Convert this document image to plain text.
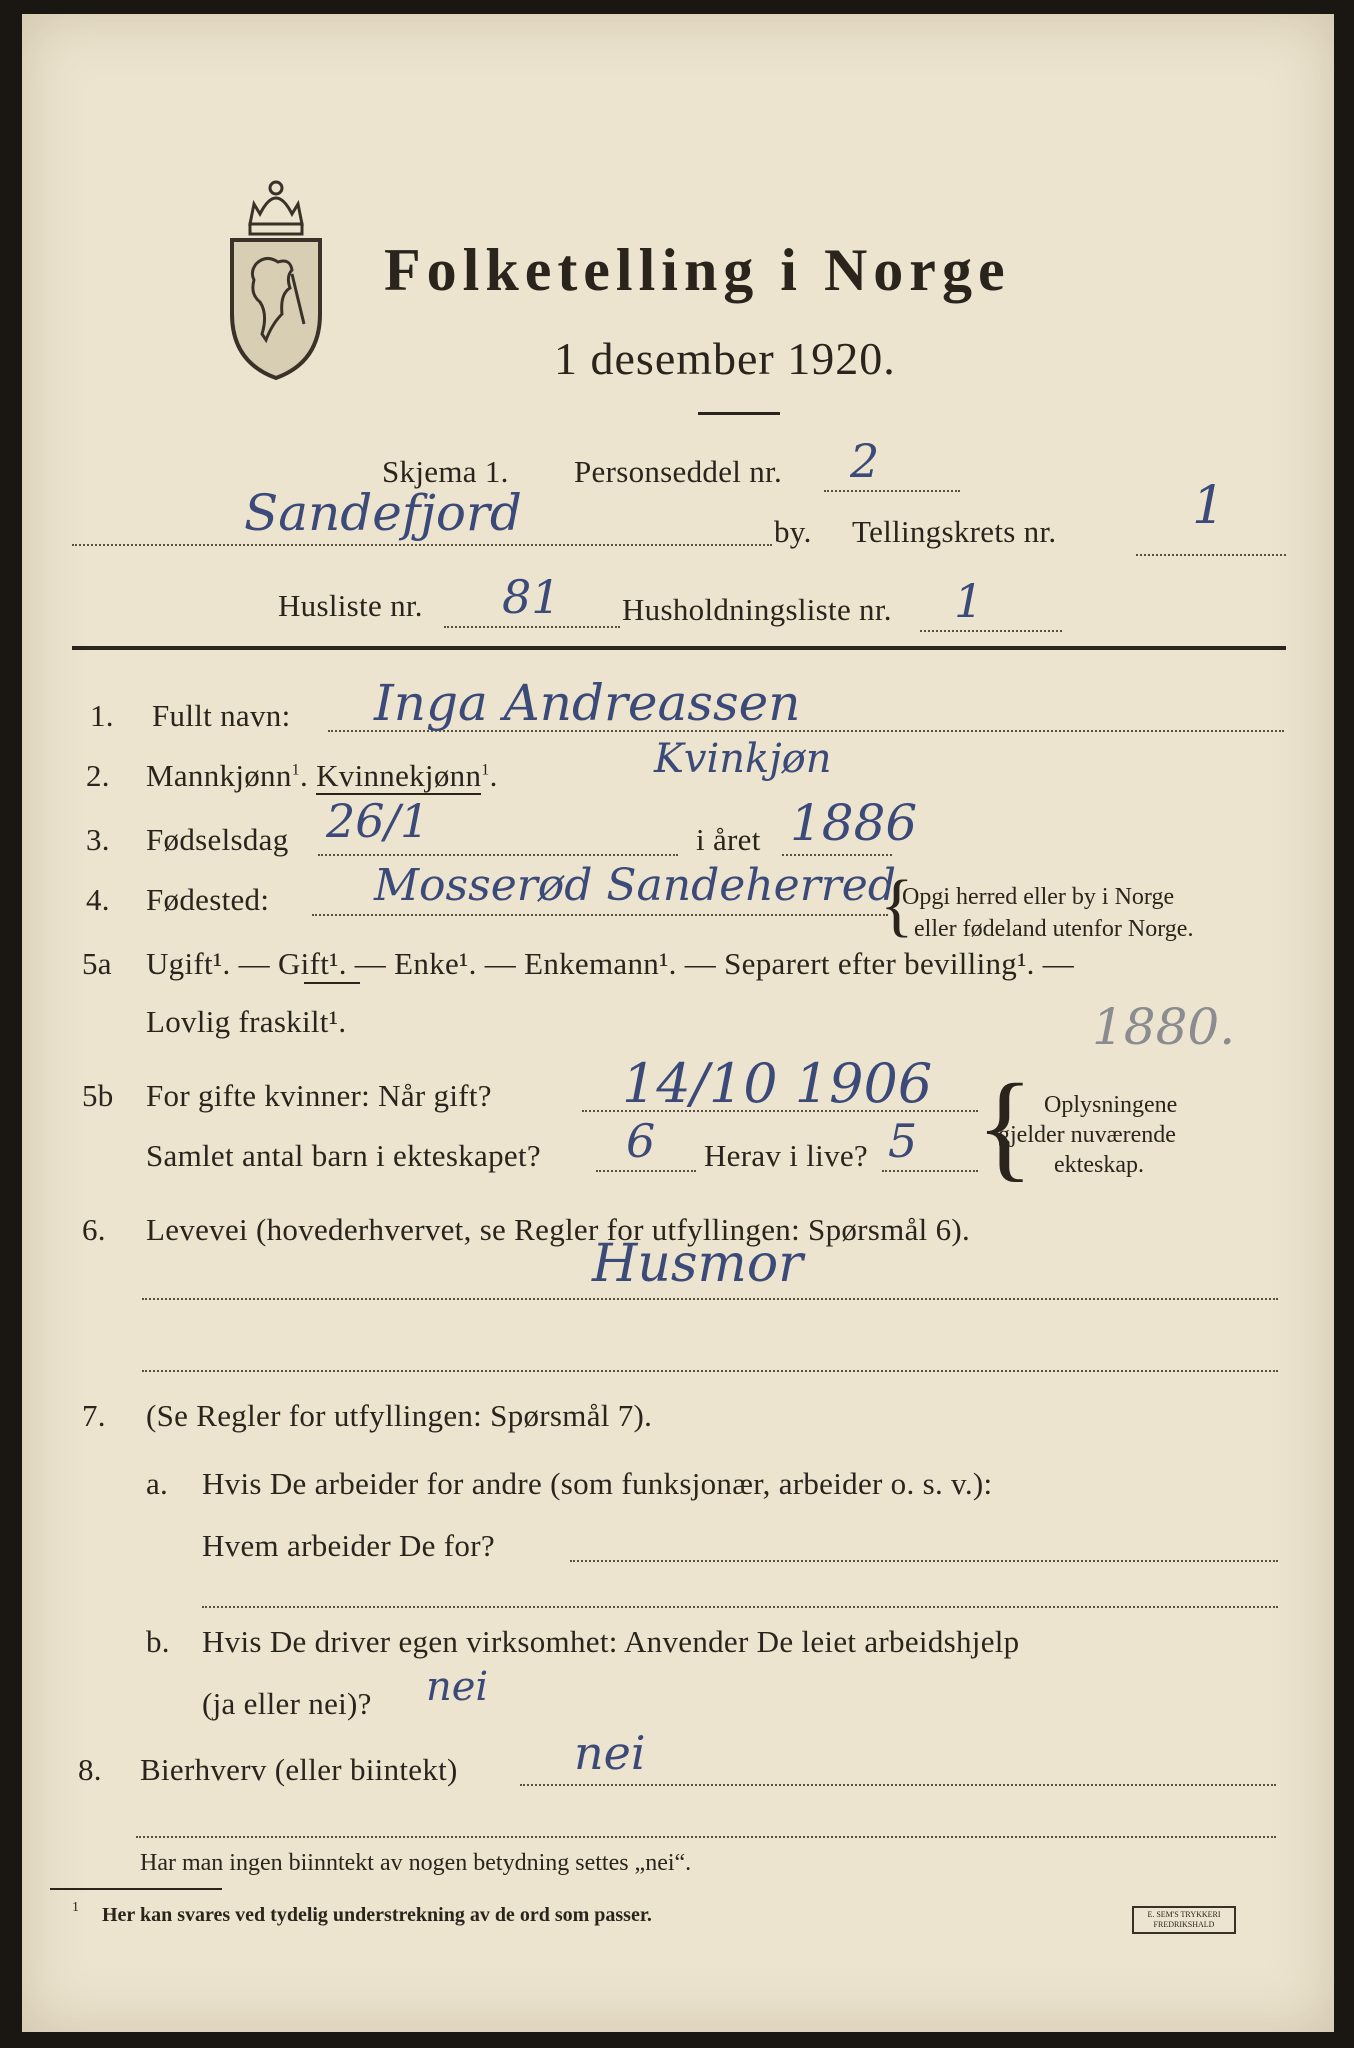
Folketelling i Norge
1 desember 1920.
Skjema 1. Personseddel nr. 2
Sandefjord	by. Tellingskrets nr.	1
Husliste nr. 81 Husholdningsliste nr. 1
1. Fullt navn: Inga Andreassen
2. Mannkjønn$^1$. Kvinnekjønn$^1$.	Kvinkjøn
3. Fødselsdag 26/1	i året 1886
4. Fødested: Mosserød Sandeherred
{
Opgi herred eller by i Norge
eller fødeland utenfor Norge.
5a Ugift¹. — Gift¹. — Enke¹. — Enkemann¹. — Separert efter bevilling¹. —
Lovlig fraskilt¹.	1880.
5b For gifte kvinner: Når gift? 14/10 1906
Samlet antal barn i ekteskapet? 6 Herav i live? 5 { Oplysningene
gjelder nuværende
ekteskap.
6. Levevei (hovederhvervet, se Regler for utfyllingen: Spørsmål 6).
Husmor
7. (Se Regler for utfyllingen: Spørsmål 7).
a. Hvis De arbeider for andre (som funksjonær, arbeider o. s. v.):
Hvem arbeider De for?
b. Hvis De driver egen virksomhet: Anvender De leiet arbeidshjelp
(ja eller nei)? nei
8. Bierhverv (eller biintekt)	nei
Har man ingen biinntekt av nogen betydning settes „nei“.
1 Her kan svares ved tydelig understrekning av de ord som passer.	E. SEM'S TRYKKERI
FREDRIKSHALD
